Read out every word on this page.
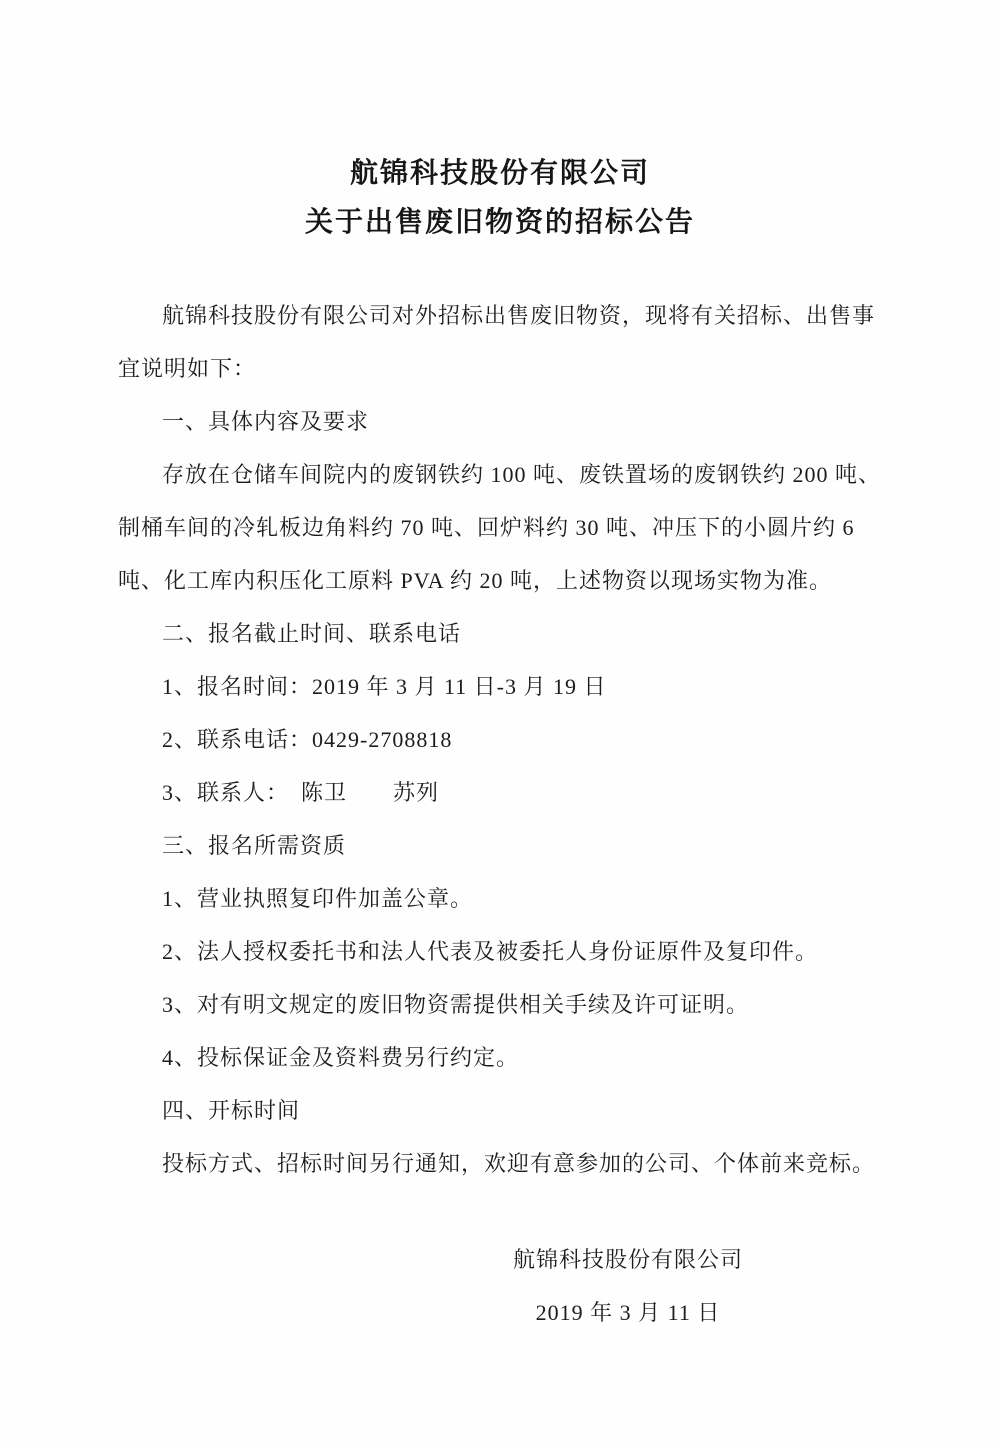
航锦科技股份有限公司
关于出售废旧物资的招标公告

航锦科技股份有限公司对外招标出售废旧物资，现将有关招标、出售事宜说明如下：

一、具体内容及要求

存放在仓储车间院内的废钢铁约 100 吨、废铁置场的废钢铁约 200 吨、制桶车间的冷轧板边角料约 70 吨、回炉料约 30 吨、冲压下的小圆片约 6 吨、化工库内积压化工原料 PVA 约 20 吨，上述物资以现场实物为准。

二、报名截止时间、联系电话

1、报名时间：2019 年 3 月 11 日-3 月 19 日

2、联系电话：0429-2708818

3、联系人：　陈卫　　苏列

三、报名所需资质

1、营业执照复印件加盖公章。

2、法人授权委托书和法人代表及被委托人身份证原件及复印件。

3、对有明文规定的废旧物资需提供相关手续及许可证明。

4、投标保证金及资料费另行约定。

四、开标时间

投标方式、招标时间另行通知，欢迎有意参加的公司、个体前来竞标。

航锦科技股份有限公司

2019 年 3 月 11 日
